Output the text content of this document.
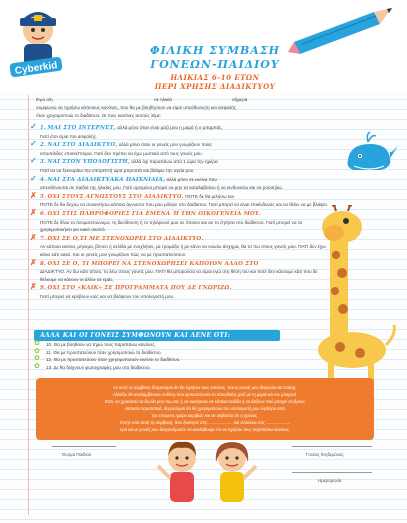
Cyberkid
ΦΙΛΙΚΗ ΣΥΜΒΑΣΗ
ΓΟΝΕΩΝ-ΠΑΙΔΙΟΥ
ΗΛΙΚΙΑΣ 6-10 ΕΤΩΝ
ΠΕΡΙ ΧΡΗΣΗΣ ΔΙΑΔΙΚΤΥΟΥ
Εγώ ο/η	σε ηλικία	σήμερα
συμφωνώ να τηρήσω κάποιους κανόνες, που θα με βοηθήσουν να είμαι υπεύθυνος/η και ασφαλής
όταν χρησιμοποιώ το διαδίκτυο. Οι τους κανόνες αυτούς λέμε:
✓ 1. ΜΑΙ ΣΤΟ ΙΝΤΕΡΝΕΤ, αλλά μόνο όταν είναι μαζί μου η μαμά ή ο μπαμπάς.
Γιατί έτσι είμαι πιο ασφαλής.
✓ 2. ΝΑΙ ΣΤΟ ΔΙΑΔΙΚΤΥΟ, αλλά μόνο όταν οι γονείς μου γνωρίζουν ποιες
ιστοσελίδες επισκέπτομαι. Γιατί δεν πρέπει να έχω μυστικά από τους γονείς μου.
✓ 3. ΝΑΙ ΣΤΟΝ ΥΠΟΛΟΓΙΣΤΗ, αλλά όχι παραπάνω από 1 ώρα την ημέρα.
Γιατί να να ξεκουράω την επιτρεπτή ώρα μπροστά και βλάφω την υγεία μου.
✓ 4. ΝΑΙ ΣΤΑ ΔΙΑΔΙΚΤΥΑΚΑ ΠΑΙΧΝΙΔΙΑ, αλλά μόνο σε εκείνα που
απευθύνονται σε παιδιά της ηλικίας μου. Γιατί ορισμένα μπορεί να μην τα καταλαβαίνω ή να κινδυνεύω και να ρούσηλώ.
✗ 5. ΟΧΙ ΣΤΟΥΣ ΑΓΝΩΣΤΟΥΣ ΣΤΟ ΔΙΑΔΙΚΤΥΟ. ΠΟΤΕ δε θα μιλήσω και
ΠΟΤΕ δε θα δεχτώ να συναντήσω κάποιο άγνωστο που μου μίλησε στο διαδίκτυο. Γιατί μπορεί να είναι επικίνδυνος και να θέλει να με βλάψει.
✗ 6. ΟΧΙ ΣΤΙΣ ΠΛΗΡΟΦΟΡΙΕΣ ΓΙΑ ΕΜΕΝΑ Ή ΤΗΝ ΟΙΚΟΓΕΝΕΙΑ ΜΟΥ.
ΠΟΤΕ δε δίνω το όνοματεπώνυμο, τη διεύθυνση ή το τηλέφωνό μου σε όποιον και αν το ζητήσει στο διαδίκτυο. Γιατί μπορεί να τα χρησιμοποιήσει για κακό σκοπό.
✗ 7. ΟΧΙ ΣΕ Ο,ΤΙ ΜΕ ΣΤΕΝΟΧΩΡΕΙ ΣΤΟ ΔΙΑΔΙΚΤΥΟ.
Αν κάποια εικόνα, μήνυμα, βίντεο ή σελίδα με ενοχλήσει, με τρομάξει ή με κάνει να νιώσω άσχημα, θα το πω στους γονείς μου. ΠΑΤΙ δεν έχω κάνει κάτι κακό. Και οι γονείς μου γνωρίζουν πώς να με προστατεύσουν.
✗ 8. ΟΧΙ ΣΕ Ο, ΤΙ ΜΠΟΡΕΙ ΝΑ ΣΤΕΝΟΧΩΡΗΣΕΙ ΚΑΠΟΙΟΝ ΑΛΛΟ ΣΤΟ
ΔΙΑΔΙΚΤΥΟ. Αν δω κάτι τέτοιο, το λέω στους γονείς μου. ΠΑΤΙ θα μπορούσα να είμαι εγώ στη θέση του και ποτέ δεν κάνουμε κάτι που δε θέλουμε να κάνουν οι άλλοι σε εμάς.
✗ 9. ΟΧΙ ΣΤΟ «ΚΛΙΚ» ΣΕ ΠΡΟΓΡΑΜΜΑΤΑ ΠΟΥ ΔΕ ΓΝΩΡΙΖΩ.
Γιατί μπορεί να κρύβουν ιούς και να βλάψουν τον υπολογιστή μου.
ΑΛΛΑ ΚΑΙ ΟΙ ΓΟΝΕΙΣ ΣΥΜΦΩΝΟΥΝ ΚΑΙ ΛΕΝΕ ΟΤΙ:
✿ 10. Θα με βοηθούν να τηρώ τους παραπάνω κανόνες.
✿ 11. Θα με προστατεύουν όταν χρησιμοποιώ το διαδίκτυο.
✿ 12. Θα με προστατεύουν όταν χρησιμοποιούν εκείνοι το διαδίκτυο.
✿ 13. Δε θα δείχνουν φωτογραφίες μου στο διαδίκτυο.
Αν αυτή τη σύμβαση δεσμεύομαι ότι θα τηρήσω τους κανόνες. Και οι γονείς μου δεσμεύονται επίσης.
Αλλάζω θα αναλαμβάνουν ευθύνη που εμπιστεύονται τα σπουδαίας μαζί με τη μαμά και τον μπαμπά.
Έτσι, αν χρειαστεί να δω θα μου πω σας ή να ασκήσουν σε κάποια σελίδα ή να δείξουν πού μπορεί να βρουν
έκτακτα περιστατικά, δεσμεύομαι ότι θα χρησιμοποιώ τον υπολογιστή μου λιγότερο από
την επόμενη ημέρα ακριβώς και να σεβαστώ ότι ο χρόνος.
Έκτην από αυτή τη σύμβαση, που ξεκίνησε στις: .................... και τελειώνει στις: ....................
εγώ και οι γονείς μου δεσμευόμαστε να αναλάβουμε ότι να τηρήσω τους παραπάνω κανόνες.
Όνομα Παιδιού	Γονέας /Κηδεμόνας
Ημερομηνία
